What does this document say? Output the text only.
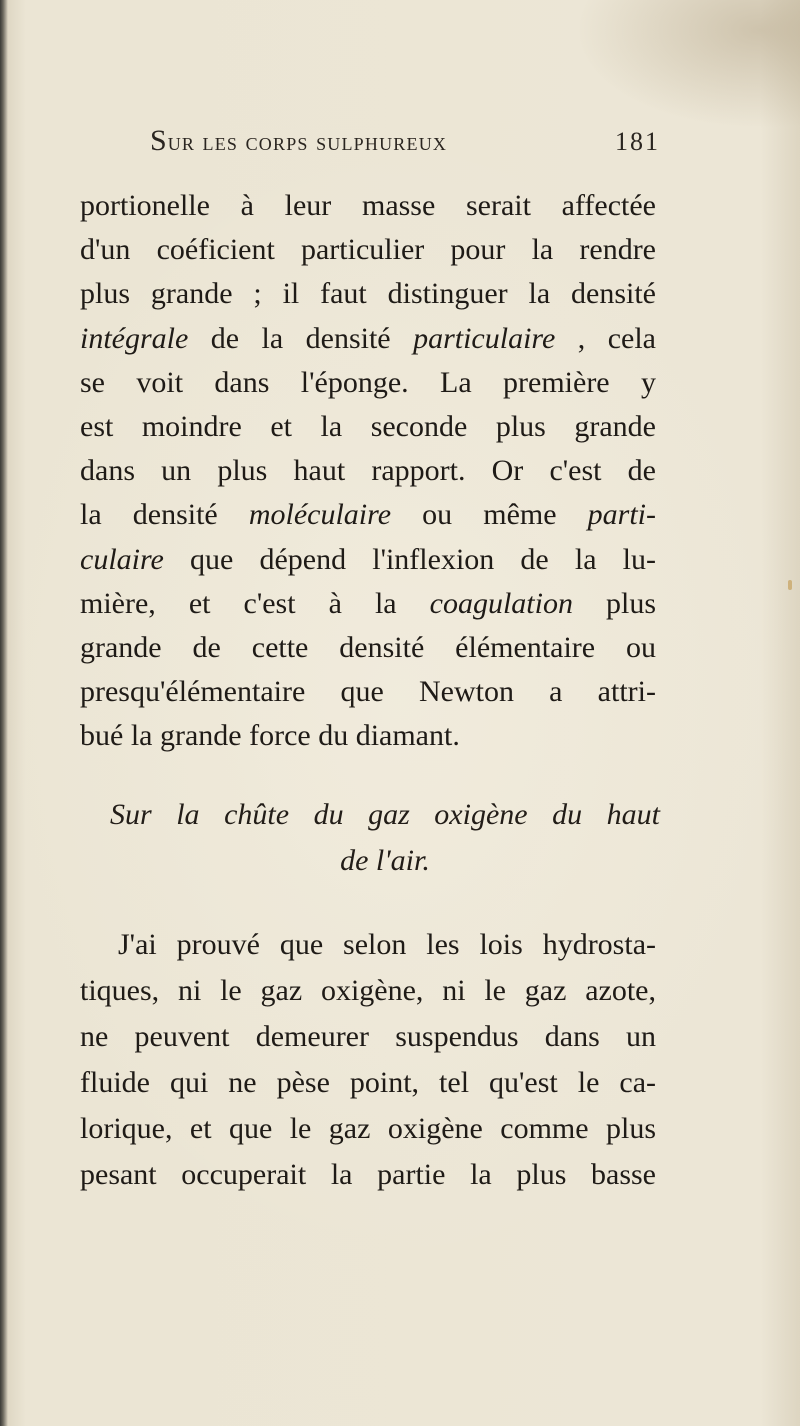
Sur les corps sulphureux	181
portionelle à leur masse serait affectée
d'un coéficient particulier pour la rendre
plus grande ; il faut distinguer la densité
intégrale de la densité particulaire , cela
se voit dans l'éponge. La première y
est moindre et la seconde plus grande
dans un plus haut rapport. Or c'est de
la densité moléculaire ou même parti-
culaire que dépend l'inflexion de la lu-
mière, et c'est à la coagulation plus
grande de cette densité élémentaire ou
presqu'élémentaire que Newton a attri-
bué la grande force du diamant.
Sur la chûte du gaz oxigène du haut
de l'air.
J'ai prouvé que selon les lois hydrosta-
tiques, ni le gaz oxigène, ni le gaz azote,
ne peuvent demeurer suspendus dans un
fluide qui ne pèse point, tel qu'est le ca-
lorique, et que le gaz oxigène comme plus
pesant occuperait la partie la plus basse
